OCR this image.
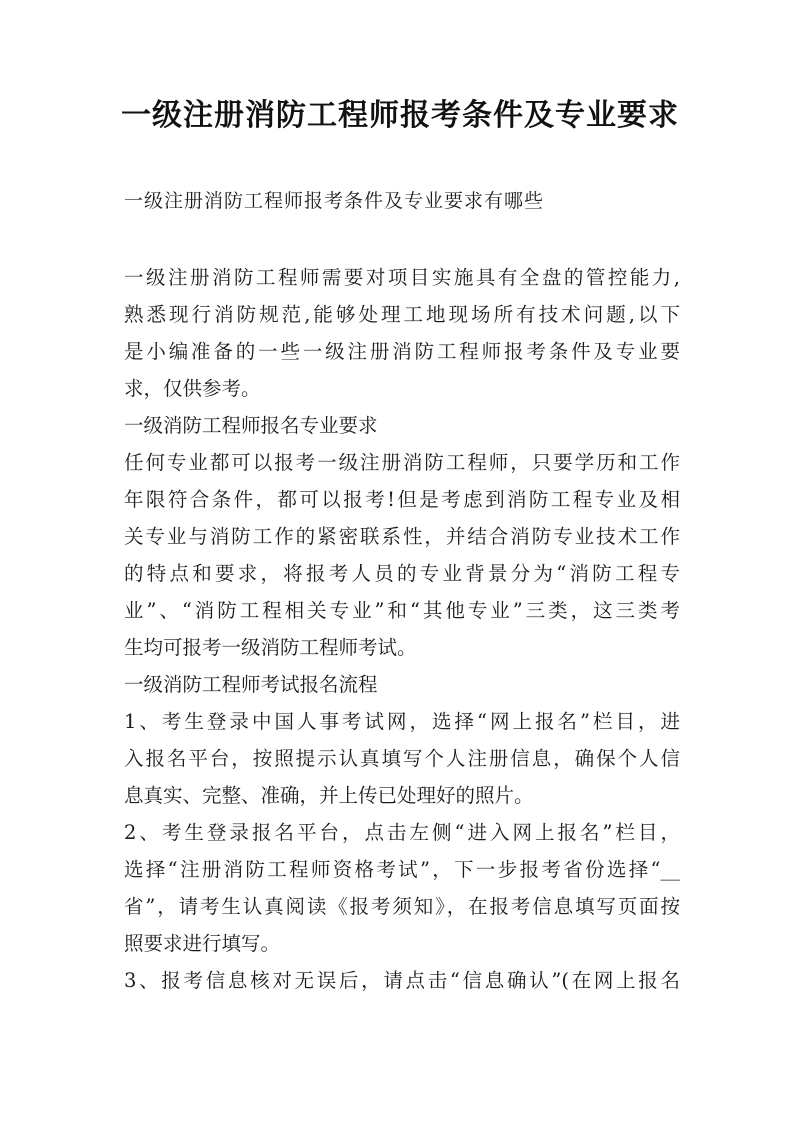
一级注册消防工程师报考条件及专业要求
一级注册消防工程师报考条件及专业要求有哪些
一级注册消防工程师需要对项目实施具有全盘的管控能力,
熟悉现行消防规范,能够处理工地现场所有技术问题,以下
是小编准备的一些一级注册消防工程师报考条件及专业要
求，仅供参考。
一级消防工程师报名专业要求
任何专业都可以报考一级注册消防工程师，只要学历和工作
年限符合条件，都可以报考!但是考虑到消防工程专业及相
关专业与消防工作的紧密联系性，并结合消防专业技术工作
的特点和要求，将报考人员的专业背景分为“消防工程专
业”、“消防工程相关专业”和“其他专业”三类，这三类考
生均可报考一级消防工程师考试。
一级消防工程师考试报名流程
1、考生登录中国人事考试网，选择“网上报名”栏目，进
入报名平台，按照提示认真填写个人注册信息，确保个人信
息真实、完整、准确，并上传已处理好的照片。
2、考生登录报名平台，点击左侧“进入网上报名”栏目，
选择“注册消防工程师资格考试”，下一步报考省份选择“__
省”，请考生认真阅读《报考须知》，在报考信息填写页面按
照要求进行填写。
3、报考信息核对无误后，请点击“信息确认”(在网上报名
